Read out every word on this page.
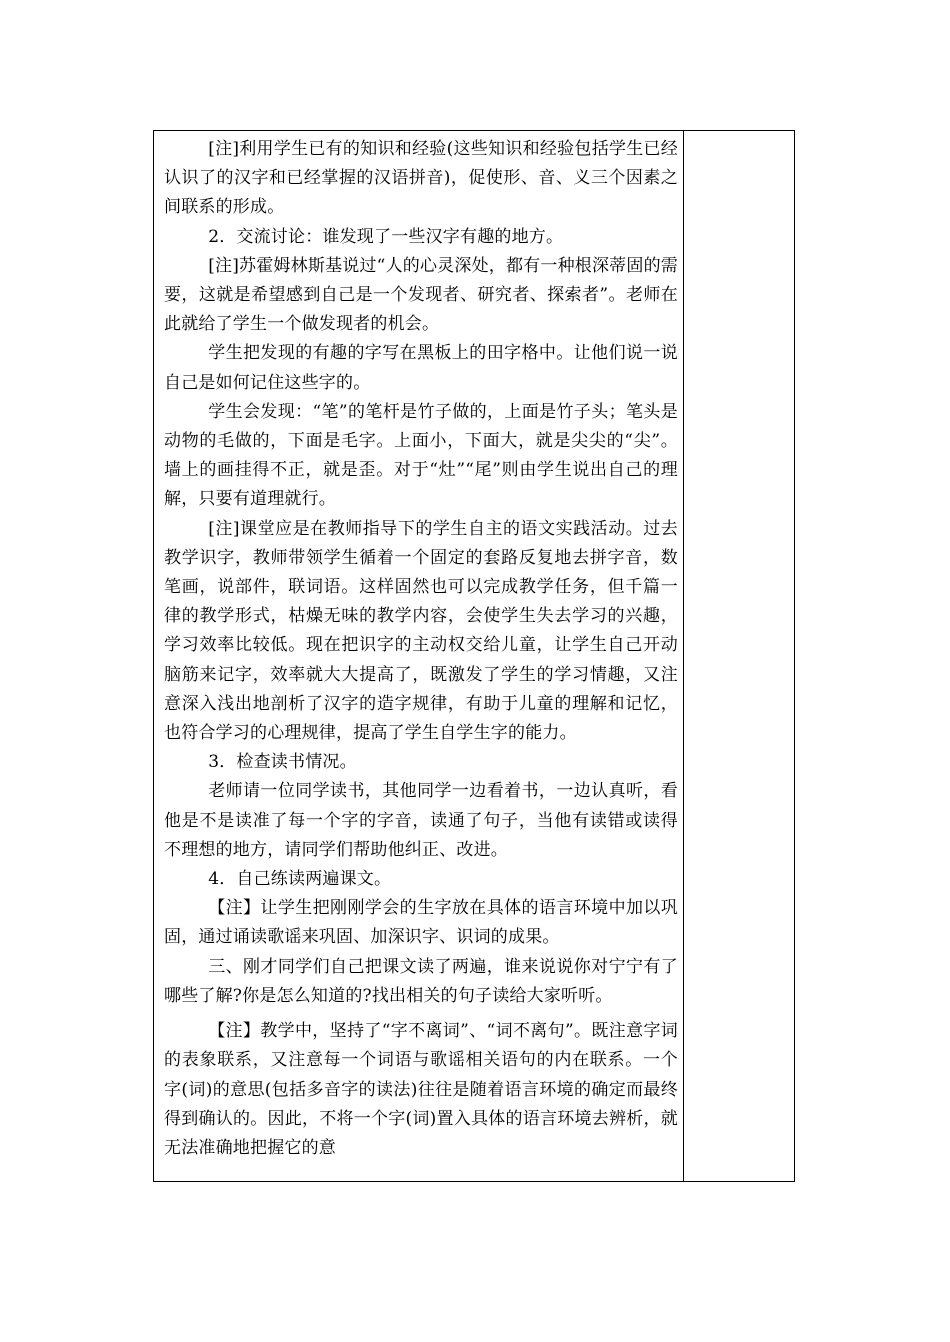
[注]利用学生已有的知识和经验(这些知识和经验包括学生已经认识了的汉字和已经掌握的汉语拼音)，促使形、音、义三个因素之间联系的形成。

2．交流讨论：谁发现了一些汉字有趣的地方。

[注]苏霍姆林斯基说过“人的心灵深处，都有一种根深蒂固的需要，这就是希望感到自己是一个发现者、研究者、探索者”。老师在此就给了学生一个做发现者的机会。

学生把发现的有趣的字写在黑板上的田字格中。让他们说一说自己是如何记住这些字的。

学生会发现：“笔”的笔杆是竹子做的，上面是竹子头；笔头是动物的毛做的，下面是毛字。上面小，下面大，就是尖尖的“尖”。墙上的画挂得不正，就是歪。对于“灶”“尾”则由学生说出自己的理解，只要有道理就行。

[注]课堂应是在教师指导下的学生自主的语文实践活动。过去教学识字，教师带领学生循着一个固定的套路反复地去拼字音，数笔画，说部件，联词语。这样固然也可以完成教学任务，但千篇一律的教学形式，枯燥无味的教学内容，会使学生失去学习的兴趣，学习效率比较低。现在把识字的主动权交给儿童，让学生自己开动脑筋来记字，效率就大大提高了，既激发了学生的学习情趣，又注意深入浅出地剖析了汉字的造字规律，有助于儿童的理解和记忆，也符合学习的心理规律，提高了学生自学生字的能力。

3．检查读书情况。

老师请一位同学读书，其他同学一边看着书，一边认真听，看他是不是读准了每一个字的字音，读通了句子，当他有读错或读得不理想的地方，请同学们帮助他纠正、改进。

4．自己练读两遍课文。

【注】让学生把刚刚学会的生字放在具体的语言环境中加以巩固，通过诵读歌谣来巩固、加深识字、识词的成果。

三、刚才同学们自己把课文读了两遍，谁来说说你对宁宁有了哪些了解?你是怎么知道的?找出相关的句子读给大家听听。

【注】教学中，坚持了“字不离词”、“词不离句”。既注意字词的表象联系，又注意每一个词语与歌谣相关语句的内在联系。一个字(词)的意思(包括多音字的读法)往往是随着语言环境的确定而最终得到确认的。因此，不将一个字(词)置入具体的语言环境去辨析，就无法准确地把握它的意
